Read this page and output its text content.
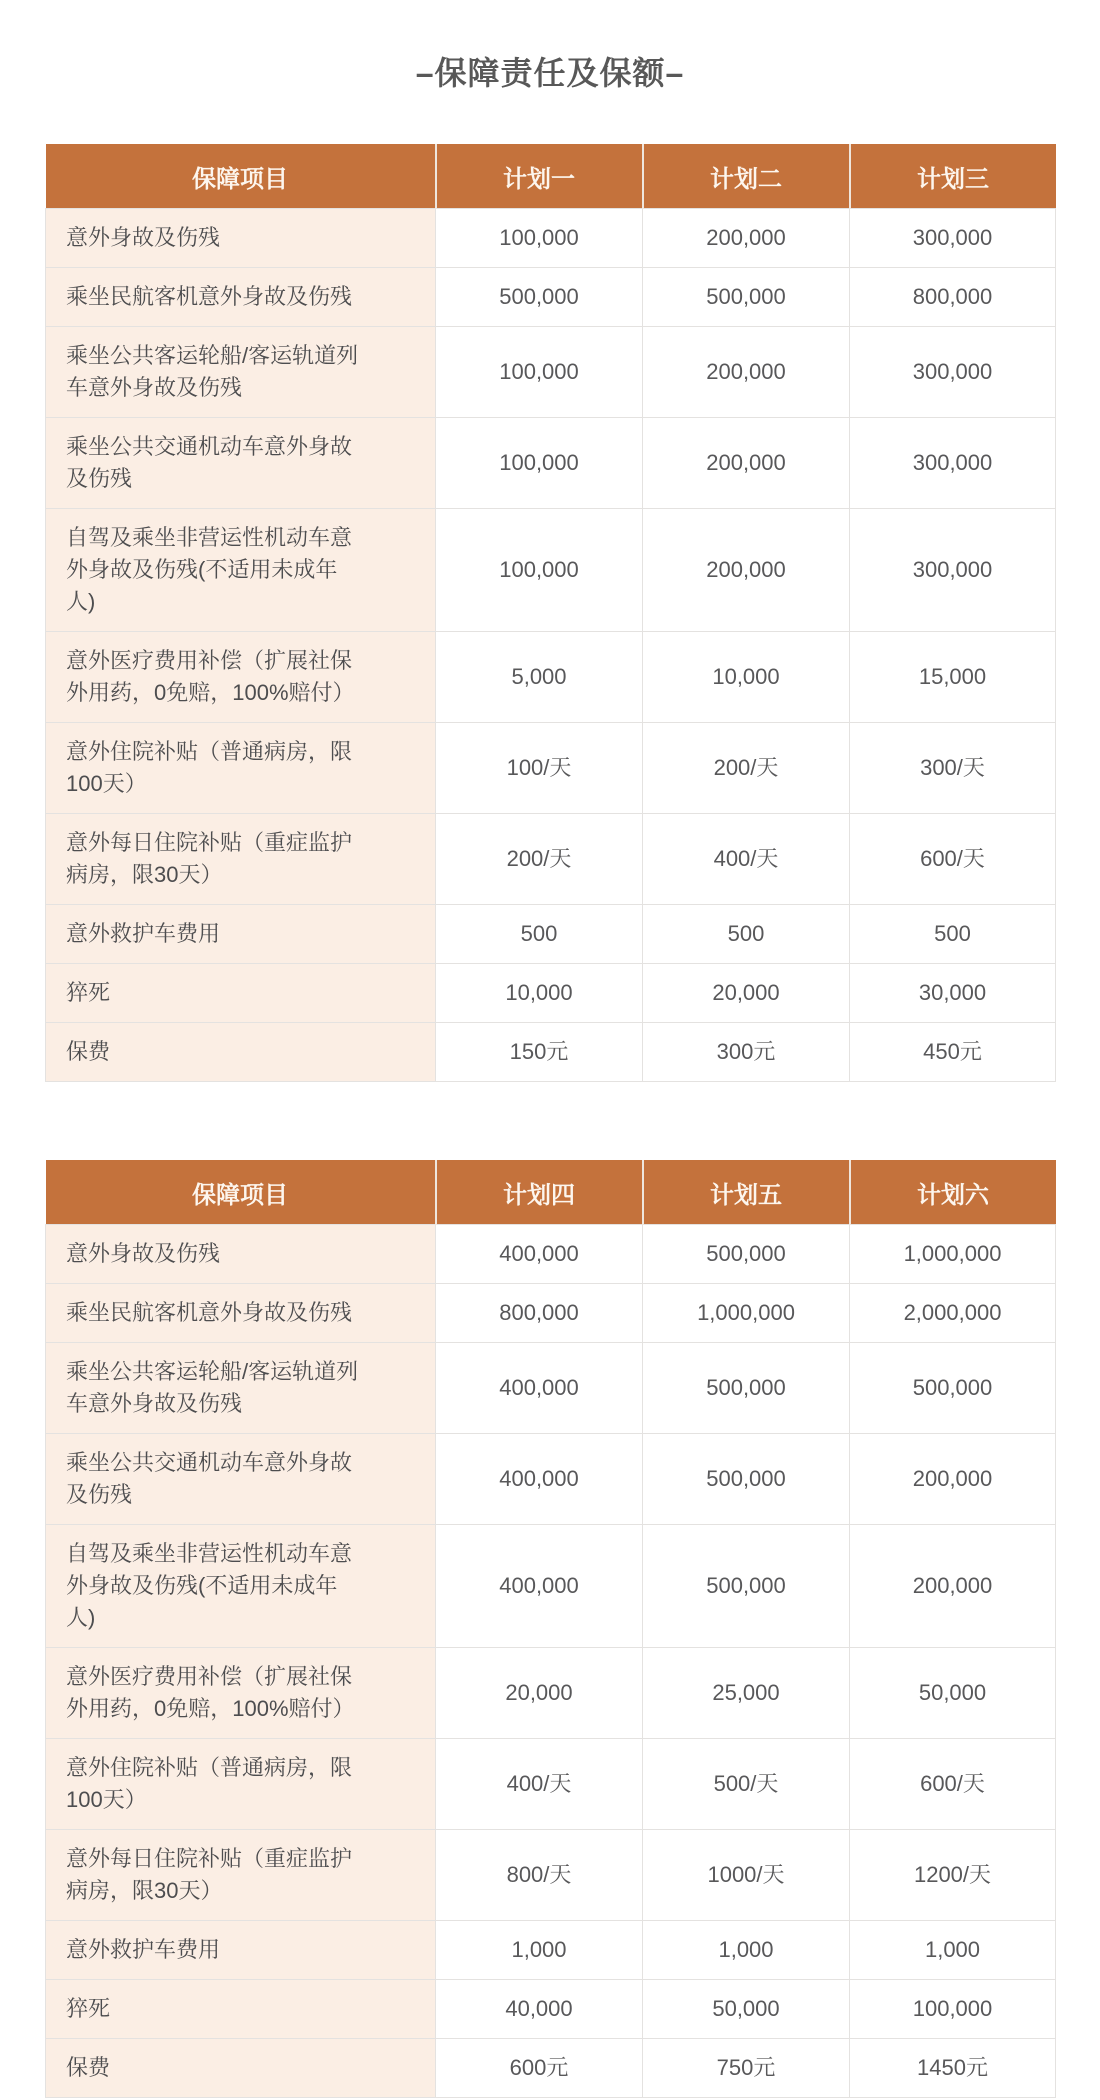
–保障责任及保额–
保障项目	计划一	计划二	计划三
意外身故及伤残	100,000	200,000	300,000
乘坐民航客机意外身故及伤残	500,000	500,000	800,000
乘坐公共客运轮船/客运轨道列车意外身故及伤残	100,000	200,000	300,000
乘坐公共交通机动车意外身故及伤残	100,000	200,000	300,000
自驾及乘坐非营运性机动车意外身故及伤残(不适用未成年人)	100,000	200,000	300,000
意外医疗费用补偿（扩展社保外用药，0免赔，100%赔付）	5,000	10,000	15,000
意外住院补贴（普通病房，限100天）	100/天	200/天	300/天
意外每日住院补贴（重症监护病房，限30天）	200/天	400/天	600/天
意外救护车费用	500	500	500
猝死	10,000	20,000	30,000
保费	150元	300元	450元
保障项目	计划四	计划五	计划六
意外身故及伤残	400,000	500,000	1,000,000
乘坐民航客机意外身故及伤残	800,000	1,000,000	2,000,000
乘坐公共客运轮船/客运轨道列车意外身故及伤残	400,000	500,000	500,000
乘坐公共交通机动车意外身故及伤残	400,000	500,000	200,000
自驾及乘坐非营运性机动车意外身故及伤残(不适用未成年人)	400,000	500,000	200,000
意外医疗费用补偿（扩展社保外用药，0免赔，100%赔付）	20,000	25,000	50,000
意外住院补贴（普通病房，限100天）	400/天	500/天	600/天
意外每日住院补贴（重症监护病房，限30天）	800/天	1000/天	1200/天
意外救护车费用	1,000	1,000	1,000
猝死	40,000	50,000	100,000
保费	600元	750元	1450元
